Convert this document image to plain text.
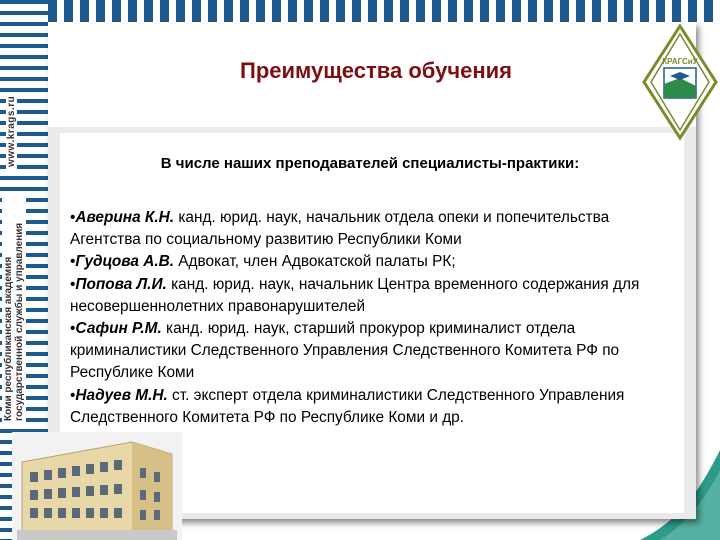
www.krags.ru
Коми республиканская академия государственной службы и управления
Преимущества обучения
В числе наших преподавателей специалисты-практики:
•Аверина К.Н. канд. юрид. наук, начальник отдела опеки и попечительства Агентства по социальному развитию Республики Коми
•Гудцова А.В. Адвокат, член Адвокатской палаты РК;
•Попова Л.И. канд. юрид. наук, начальник Центра временного содержания для несовершеннолетних правонарушителей
•Сафин Р.М. канд. юрид. наук, старший прокурор криминалист отдела криминалистики Следственного Управления Следственного Комитета РФ по Республике Коми
•Надуев М.Н. ст. эксперт отдела криминалистики Следственного Управления Следственного Комитета РФ по Республике Коми и др.
КРАГСиУ
